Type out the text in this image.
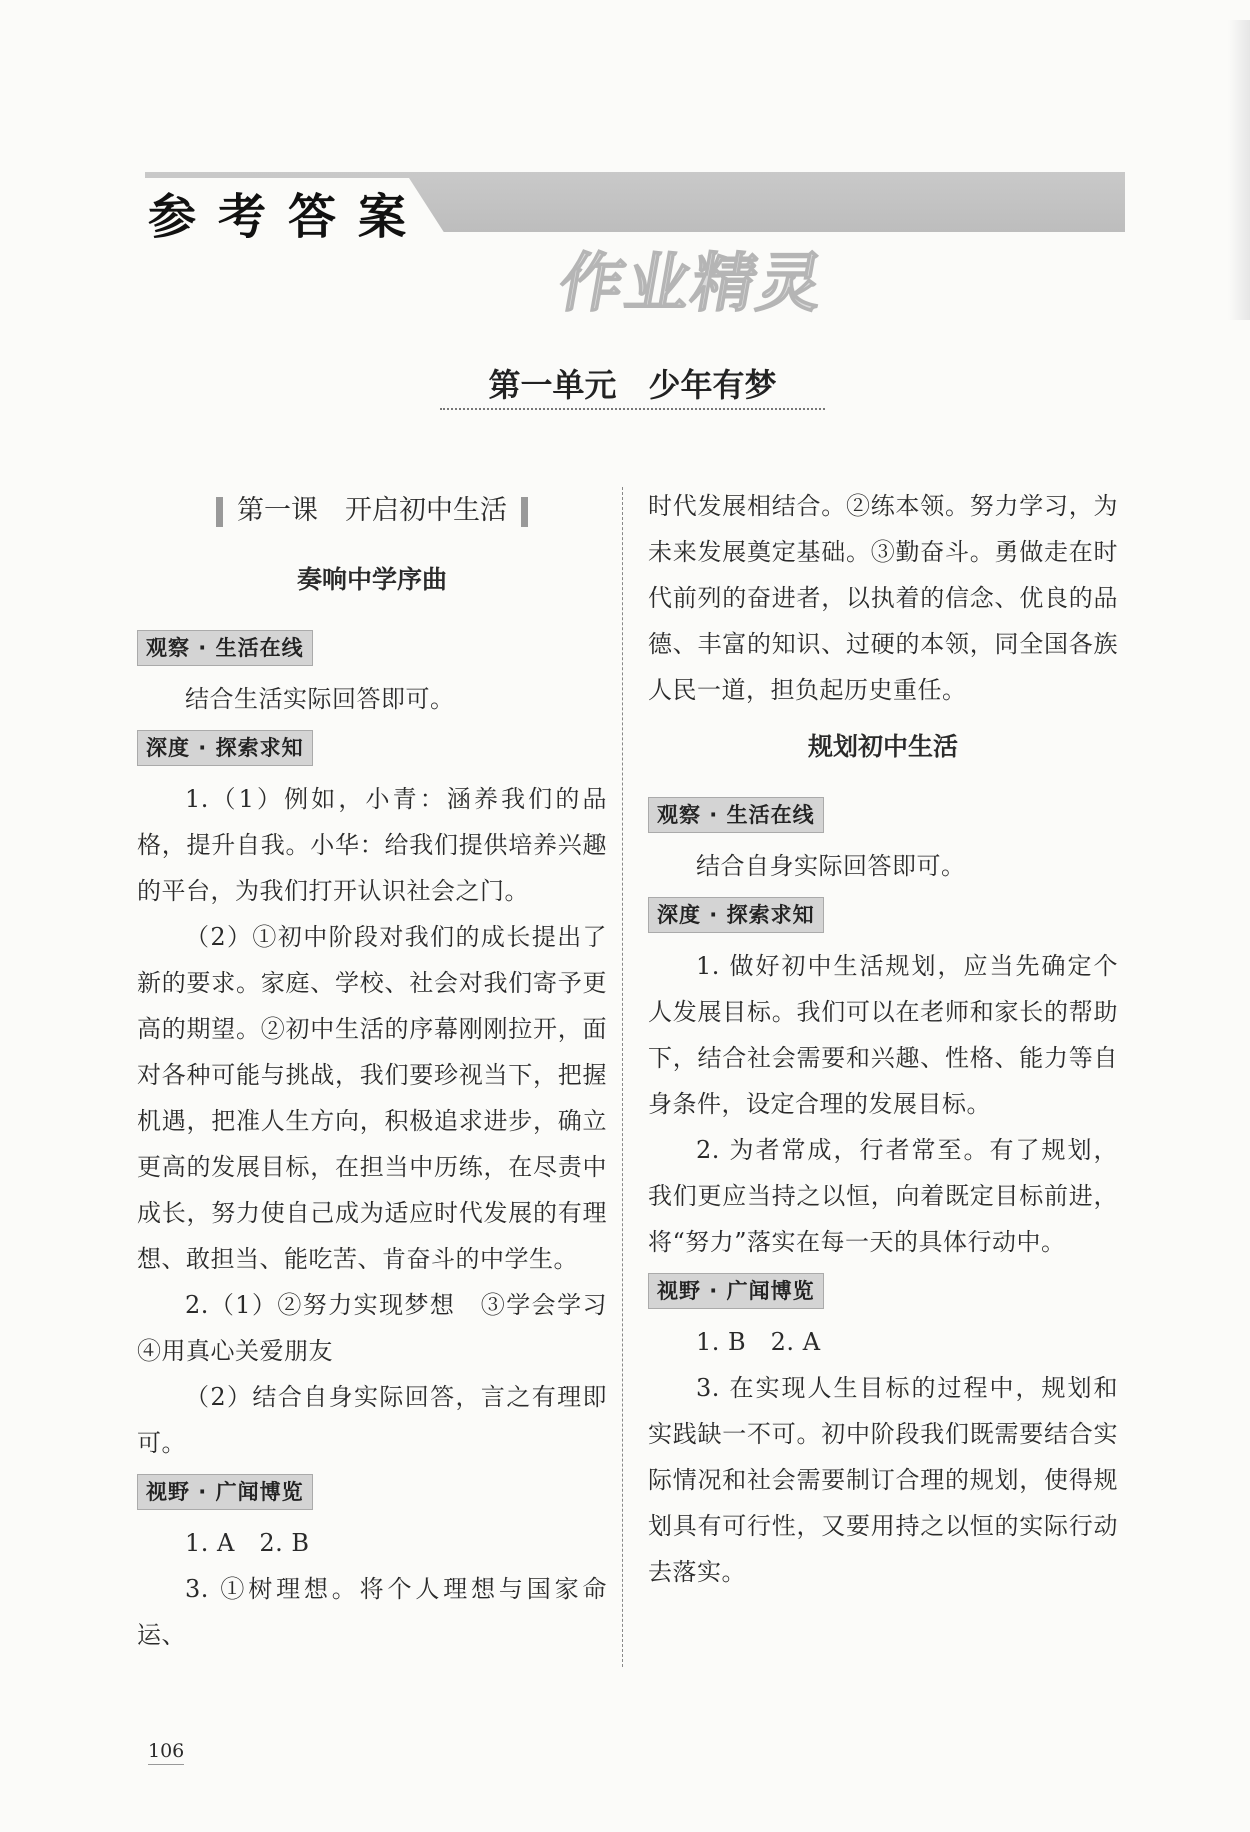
参考答案
作业精灵
第一单元　少年有梦
第一课　开启初中生活
奏响中学序曲
观察 · 生活在线

结合生活实际回答即可。

深度 · 探索求知

1.（1）例如，小青：涵养我们的品格，提升自我。小华：给我们提供培养兴趣的平台，为我们打开认识社会之门。

（2）①初中阶段对我们的成长提出了新的要求。家庭、学校、社会对我们寄予更高的期望。②初中生活的序幕刚刚拉开，面对各种可能与挑战，我们要珍视当下，把握机遇，把准人生方向，积极追求进步，确立更高的发展目标，在担当中历练，在尽责中成长，努力使自己成为适应时代发展的有理想、敢担当、能吃苦、肯奋斗的中学生。

2.（1）②努力实现梦想　③学会学习④用真心关爱朋友

（2）结合自身实际回答，言之有理即可。

视野 · 广闻博览

1. A　2. B

3. ①树理想。将个人理想与国家命运、

时代发展相结合。②练本领。努力学习，为未来发展奠定基础。③勤奋斗。勇做走在时代前列的奋进者，以执着的信念、优良的品德、丰富的知识、过硬的本领，同全国各族人民一道，担负起历史重任。

规划初中生活
观察 · 生活在线

结合自身实际回答即可。

深度 · 探索求知

1. 做好初中生活规划，应当先确定个人发展目标。我们可以在老师和家长的帮助下，结合社会需要和兴趣、性格、能力等自身条件，设定合理的发展目标。

2. 为者常成，行者常至。有了规划，我们更应当持之以恒，向着既定目标前进，将“努力”落实在每一天的具体行动中。

视野 · 广闻博览

1. B　2. A

3. 在实现人生目标的过程中，规划和实践缺一不可。初中阶段我们既需要结合实际情况和社会需要制订合理的规划，使得规划具有可行性，又要用持之以恒的实际行动去落实。

106
